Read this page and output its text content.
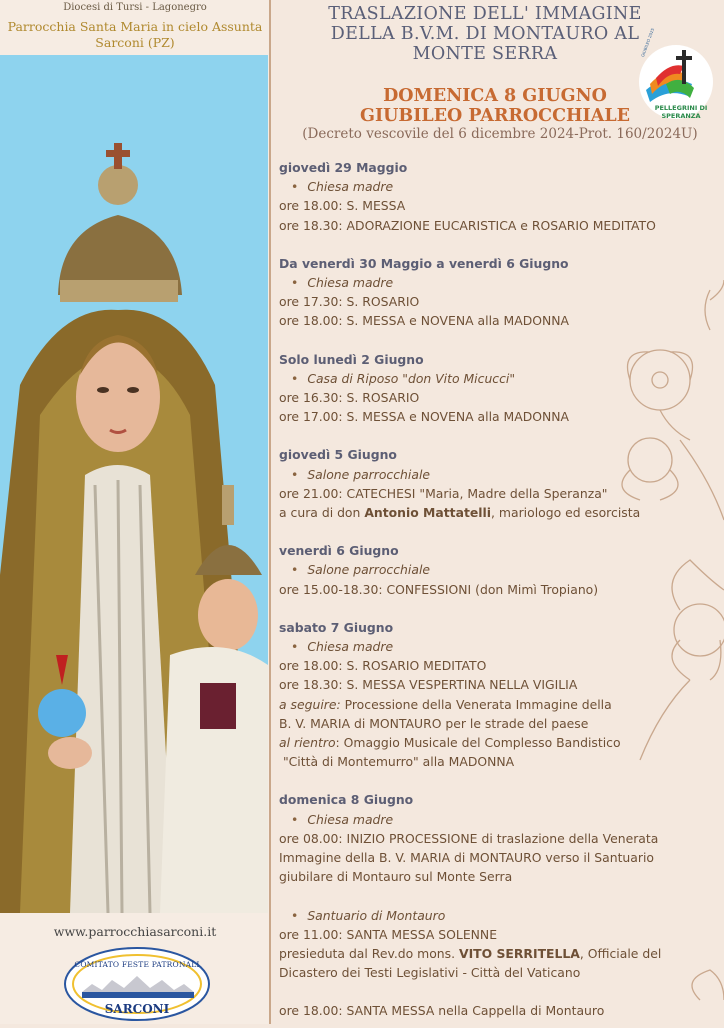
Diocesi di Tursi - Lagonegro
Parrocchia Santa Maria in cielo Assunta
Sarconi (PZ)
www.parrocchiasarconi.it
COMITATO FESTE PATRONALI
SARCONI
TRASLAZIONE DELL' IMMAGINE
DELLA B.V.M. DI MONTAURO AL
MONTE SERRA	GIUBILEO 2025
PELLEGRINI DI SPERANZA
DOMENICA 8 GIUGNO
GIUBILEO PARROCCHIALE
(Decreto vescovile del 6 dicembre 2024-Prot. 160/2024U)
giovedì 29 Maggio
• Chiesa madre
ore 18.00: S. MESSA
ore 18.30: ADORAZIONE EUCARISTICA e ROSARIO MEDITATO
Da venerdì 30 Maggio a venerdì 6 Giugno
• Chiesa madre
ore 17.30: S. ROSARIO
ore 18.00: S. MESSA e NOVENA alla MADONNA
Solo lunedì 2 Giugno
• Casa di Riposo "don Vito Micucci"
ore 16.30: S. ROSARIO
ore 17.00: S. MESSA e NOVENA alla MADONNA
giovedì 5 Giugno
• Salone parrocchiale
ore 21.00: CATECHESI "Maria, Madre della Speranza"
a cura di don Antonio Mattatelli, mariologo ed esorcista
venerdì 6 Giugno
• Salone parrocchiale
ore 15.00-18.30: CONFESSIONI (don Mimì Tropiano)
sabato 7 Giugno
• Chiesa madre
ore 18.00: S. ROSARIO MEDITATO
ore 18.30: S. MESSA VESPERTINA NELLA VIGILIA
a seguire: Processione della Venerata Immagine della
B. V. MARIA di MONTAURO per le strade del paese
al rientro: Omaggio Musicale del Complesso Bandistico
"Città di Montemurro" alla MADONNA
domenica 8 Giugno
• Chiesa madre
ore 08.00: INIZIO PROCESSIONE di traslazione della Venerata
Immagine della B. V. MARIA di MONTAURO verso il Santuario
giubilare di Montauro sul Monte Serra
• Santuario di Montauro
ore 11.00: SANTA MESSA SOLENNE
presieduta dal Rev.do mons. VITO SERRITELLA, Officiale del
Dicastero dei Testi Legislativi - Città del Vaticano
ore 18.00: SANTA MESSA nella Cappella di Montauro
